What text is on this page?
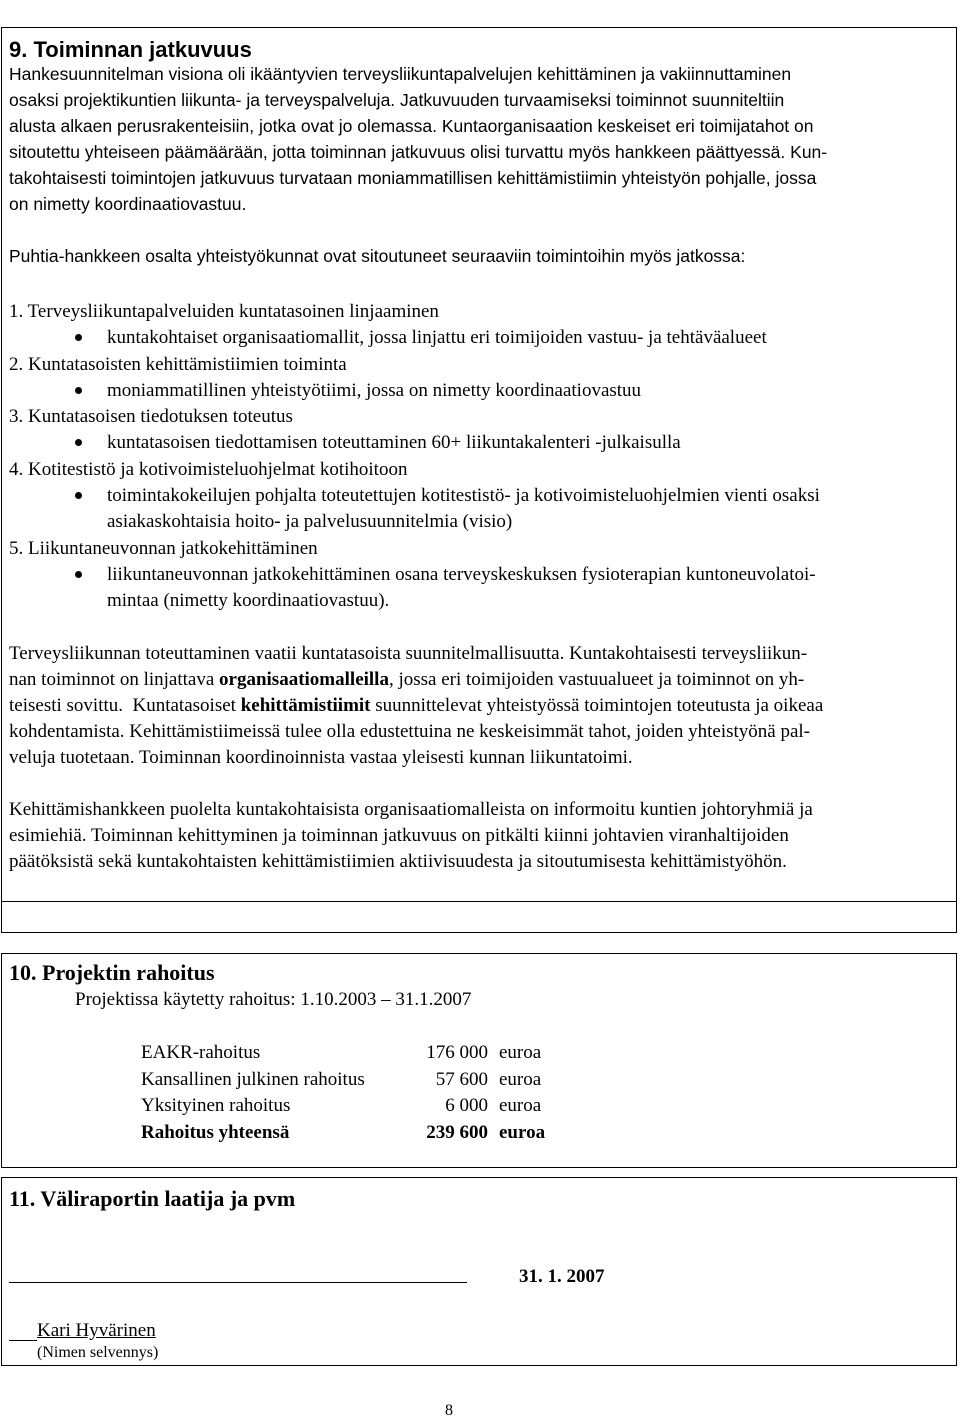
9. Toiminnan jatkuvuus

Hankesuunnitelman visiona oli ikääntyvien terveysliikuntapalvelujen kehittäminen ja vakiinnuttaminen

osaksi projektikuntien liikunta- ja terveyspalveluja. Jatkuvuuden turvaamiseksi toiminnot suunniteltiin

alusta alkaen perusrakenteisiin, jotka ovat jo olemassa. Kuntaorganisaation keskeiset eri toimijatahot on

sitoutettu yhteiseen päämäärään, jotta toiminnan jatkuvuus olisi turvattu myös hankkeen päättyessä. Kun-

takohtaisesti toimintojen jatkuvuus turvataan moniammatillisen kehittämistiimin yhteistyön pohjalle, jossa

on nimetty koordinaatiovastuu.

Puhtia-hankkeen osalta yhteistyökunnat ovat sitoutuneet seuraaviin toimintoihin myös jatkossa:

1. Terveysliikuntapalveluiden kuntatasoinen linjaaminen
kuntakohtaiset organisaatiomallit, jossa linjattu eri toimijoiden vastuu- ja tehtäväalueet
2. Kuntatasoisten kehittämistiimien toiminta
moniammatillinen yhteistyötiimi, jossa on nimetty koordinaatiovastuu
3. Kuntatasoisen tiedotuksen toteutus
kuntatasoisen tiedottamisen toteuttaminen 60+ liikuntakalenteri -julkaisulla
4. Kotitestistö ja kotivoimisteluohjelmat kotihoitoon
toimintakokeilujen pohjalta toteutettujen kotitestistö- ja kotivoimisteluohjelmien vienti osaksi
asiakaskohtaisia hoito- ja palvelusuunnitelmia (visio)
5. Liikuntaneuvonnan jatkokehittäminen
liikuntaneuvonnan jatkokehittäminen osana terveyskeskuksen fysioterapian kuntoneuvolatoi-
mintaa (nimetty koordinaatiovastuu).

Terveysliikunnan toteuttaminen vaatii kuntatasoista suunnitelmallisuutta. Kuntakohtaisesti terveysliikun-

nan toiminnot on linjattava organisaatiomalleilla, jossa eri toimijoiden vastuualueet ja toiminnot on yh-

teisesti sovittu.  Kuntatasoiset kehittämistiimit suunnittelevat yhteistyössä toimintojen toteutusta ja oikeaa

kohdentamista. Kehittämistiimeissä tulee olla edustettuina ne keskeisimmät tahot, joiden yhteistyönä pal-

veluja tuotetaan. Toiminnan koordinoinnista vastaa yleisesti kunnan liikuntatoimi.

Kehittämishankkeen puolelta kuntakohtaisista organisaatiomalleista on informoitu kuntien johtoryhmiä ja

esimiehiä. Toiminnan kehittyminen ja toiminnan jatkuvuus on pitkälti kiinni johtavien viranhaltijoiden

päätöksistä sekä kuntakohtaisten kehittämistiimien aktiivisuudesta ja sitoutumisesta kehittämistyöhön.

10. Projektin rahoitus

Projektissa käytetty rahoitus: 1.10.2003 – 31.1.2007

EAKR-rahoitus	176 000	euroa
Kansallinen julkinen rahoitus	57 600	euroa
Yksityinen rahoitus	6 000	euroa
Rahoitus yhteensä	239 600	euroa
11. Väliraportin laatija ja pvm
31. 1. 2007
Kari Hyvärinen
(Nimen selvennys)
8
